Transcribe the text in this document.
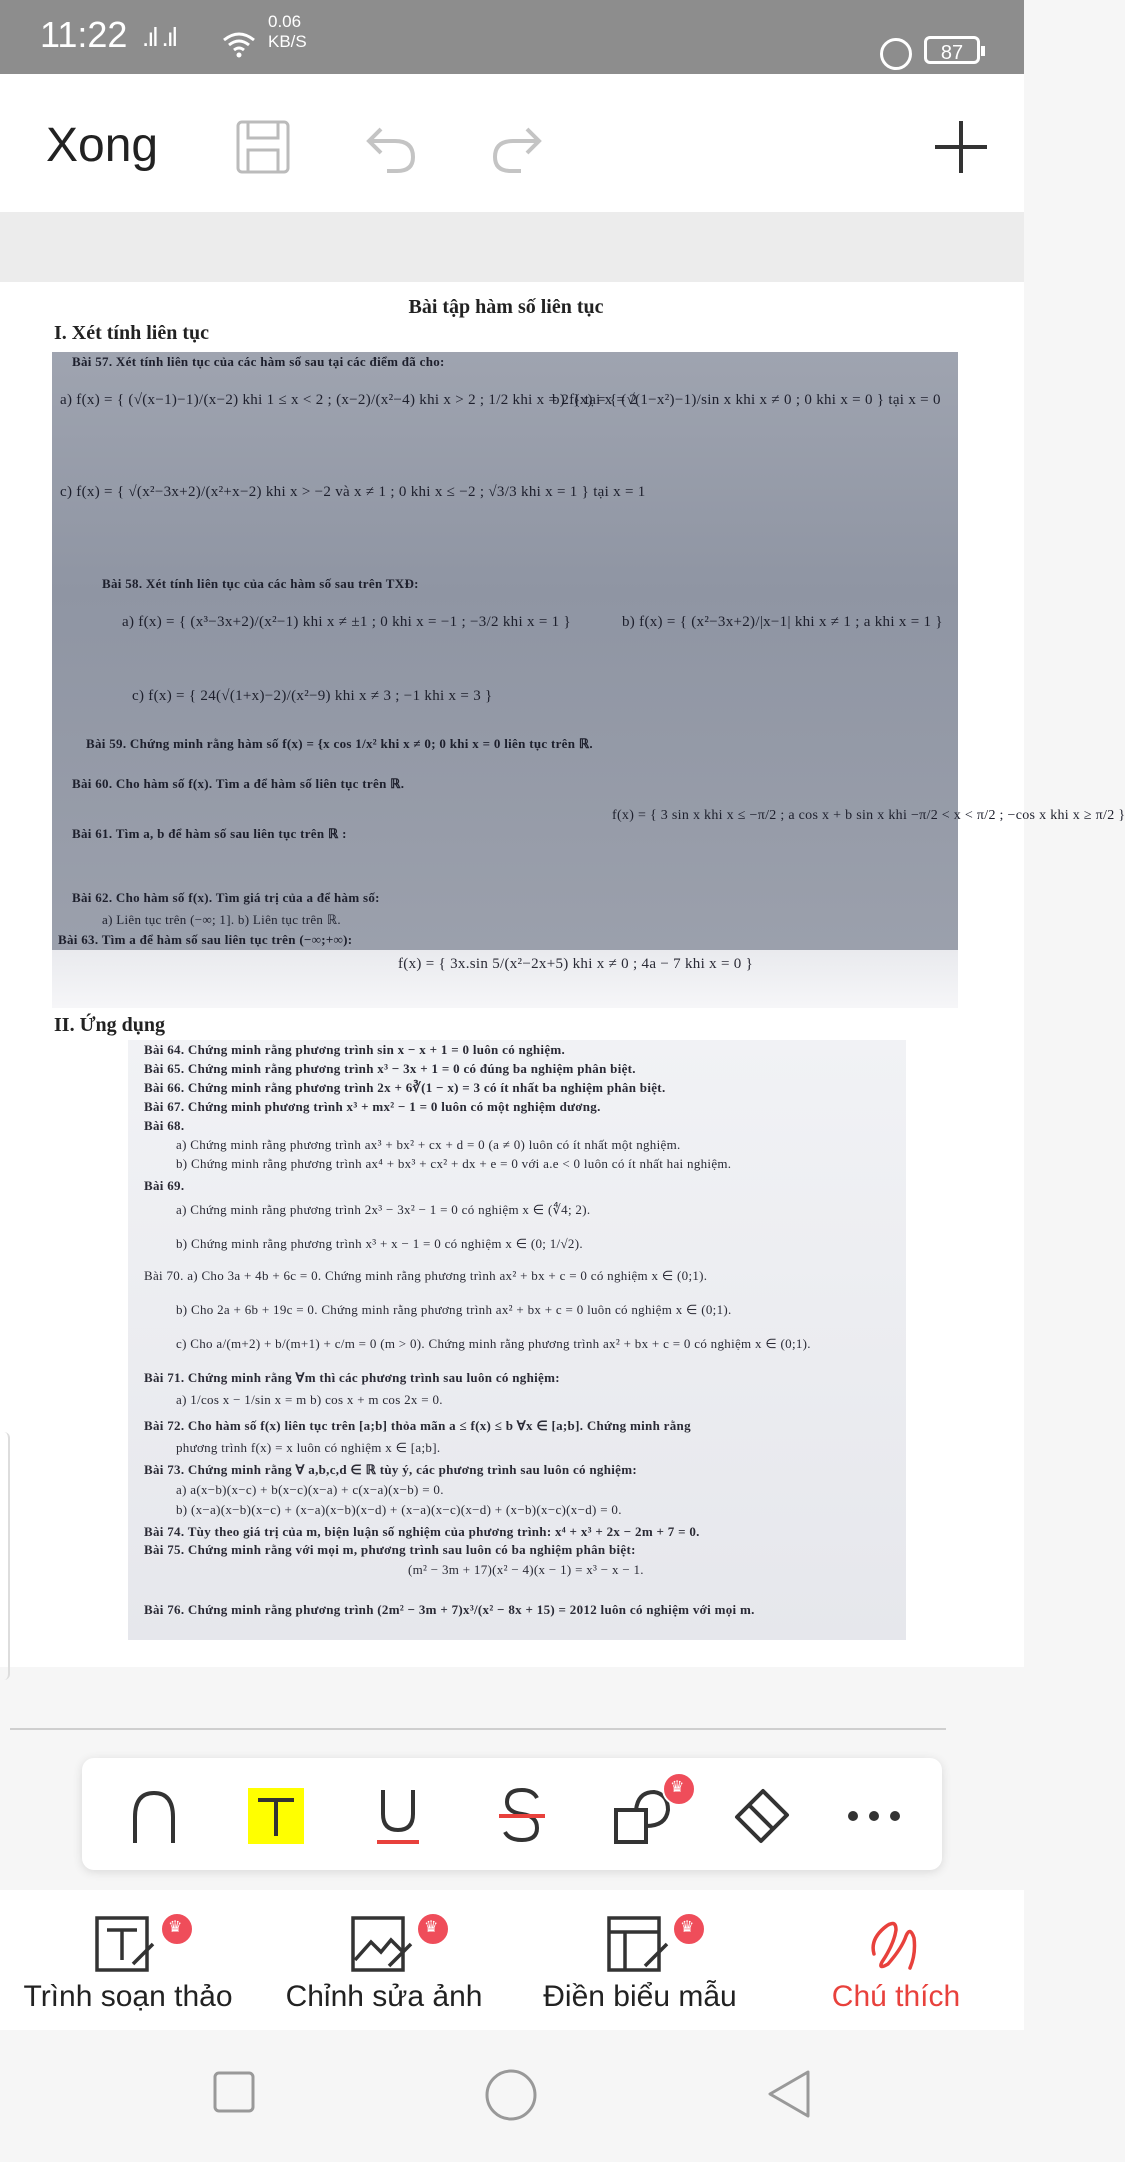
11:22 .ıl .ıl
0.06
KB/S
87
Xong
Bài tập hàm số liên tục
I. Xét tính liên tục
Bài 57. Xét tính liên tục của các hàm số sau tại các điểm đã cho:
a) f(x) = { (√(x−1)−1)/(x−2) khi 1 ≤ x < 2 ; (x−2)/(x²−4) khi x > 2 ; 1/2 khi x = 2 } tại x = 2
b) f(x) = { (√(1−x²)−1)/sin x khi x ≠ 0 ; 0 khi x = 0 } tại x = 0
c) f(x) = { √(x²−3x+2)/(x²+x−2) khi x > −2 và x ≠ 1 ; 0 khi x ≤ −2 ; √3/3 khi x = 1 } tại x = 1
Bài 58. Xét tính liên tục của các hàm số sau trên TXĐ:
a) f(x) = { (x³−3x+2)/(x²−1) khi x ≠ ±1 ; 0 khi x = −1 ; −3/2 khi x = 1 }	b) f(x) = { (x²−3x+2)/|x−1| khi x ≠ 1 ; a khi x = 1 }
c) f(x) = { 24(√(1+x)−2)/(x²−9) khi x ≠ 3 ; −1 khi x = 3 }
Bài 59. Chứng minh rằng hàm số f(x) = {x cos 1/x² khi x ≠ 0; 0 khi x = 0 liên tục trên ℝ.
Bài 60. Cho hàm số f(x). Tìm a để hàm số liên tục trên ℝ.
Bài 61. Tìm a, b để hàm số sau liên tục trên ℝ :
f(x) = { 3 sin x khi x ≤ −π/2 ; a cos x + b sin x khi −π/2 < x < π/2 ; −cos x khi x ≥ π/2 }
Bài 62. Cho hàm số f(x). Tìm giá trị của a để hàm số:
a) Liên tục trên (−∞; 1]. b) Liên tục trên ℝ.
Bài 63. Tìm a để hàm số sau liên tục trên (−∞;+∞):
f(x) = { 3x.sin 5/(x²−2x+5) khi x ≠ 0 ; 4a − 7 khi x = 0 }
II. Ứng dụng
Bài 64. Chứng minh rằng phương trình sin x − x + 1 = 0 luôn có nghiệm.
Bài 65. Chứng minh rằng phương trình x³ − 3x + 1 = 0 có đúng ba nghiệm phân biệt.
Bài 66. Chứng minh rằng phương trình 2x + 6∛(1 − x) = 3 có ít nhất ba nghiệm phân biệt.
Bài 67. Chứng minh phương trình x³ + mx² − 1 = 0 luôn có một nghiệm dương.
Bài 68.
a) Chứng minh rằng phương trình ax³ + bx² + cx + d = 0 (a ≠ 0) luôn có ít nhất một nghiệm.
b) Chứng minh rằng phương trình ax⁴ + bx³ + cx² + dx + e = 0 với a.e < 0 luôn có ít nhất hai nghiệm.
Bài 69.
a) Chứng minh rằng phương trình 2x³ − 3x² − 1 = 0 có nghiệm x ∈ (∜4; 2).
b) Chứng minh rằng phương trình x³ + x − 1 = 0 có nghiệm x ∈ (0; 1/√2).
Bài 70. a) Cho 3a + 4b + 6c = 0. Chứng minh rằng phương trình ax² + bx + c = 0 có nghiệm x ∈ (0;1).
b) Cho 2a + 6b + 19c = 0. Chứng minh rằng phương trình ax² + bx + c = 0 luôn có nghiệm x ∈ (0;1).
c) Cho a/(m+2) + b/(m+1) + c/m = 0 (m > 0). Chứng minh rằng phương trình ax² + bx + c = 0 có nghiệm x ∈ (0;1).
Bài 71. Chứng minh rằng ∀m thì các phương trình sau luôn có nghiệm:
a) 1/cos x − 1/sin x = m b) cos x + m cos 2x = 0.
Bài 72. Cho hàm số f(x) liên tục trên [a;b] thỏa mãn a ≤ f(x) ≤ b ∀x ∈ [a;b]. Chứng minh rằng
phương trình f(x) = x luôn có nghiệm x ∈ [a;b].
Bài 73. Chứng minh rằng ∀ a,b,c,d ∈ ℝ tùy ý, các phương trình sau luôn có nghiệm:
a) a(x−b)(x−c) + b(x−c)(x−a) + c(x−a)(x−b) = 0.
b) (x−a)(x−b)(x−c) + (x−a)(x−b)(x−d) + (x−a)(x−c)(x−d) + (x−b)(x−c)(x−d) = 0.
Bài 74. Tùy theo giá trị của m, biện luận số nghiệm của phương trình: x⁴ + x³ + 2x − 2m + 7 = 0.
Bài 75. Chứng minh rằng với mọi m, phương trình sau luôn có ba nghiệm phân biệt:
(m² − 3m + 17)(x² − 4)(x − 1) = x³ − x − 1.
Bài 76. Chứng minh rằng phương trình (2m² − 3m + 7)x³/(x² − 8x + 15) = 2012 luôn có nghiệm với mọi m.
♛
♛
Trình soạn thảo
♛	Chỉnh sửa ảnh
♛	Điền biểu mẫu	Chú thích
